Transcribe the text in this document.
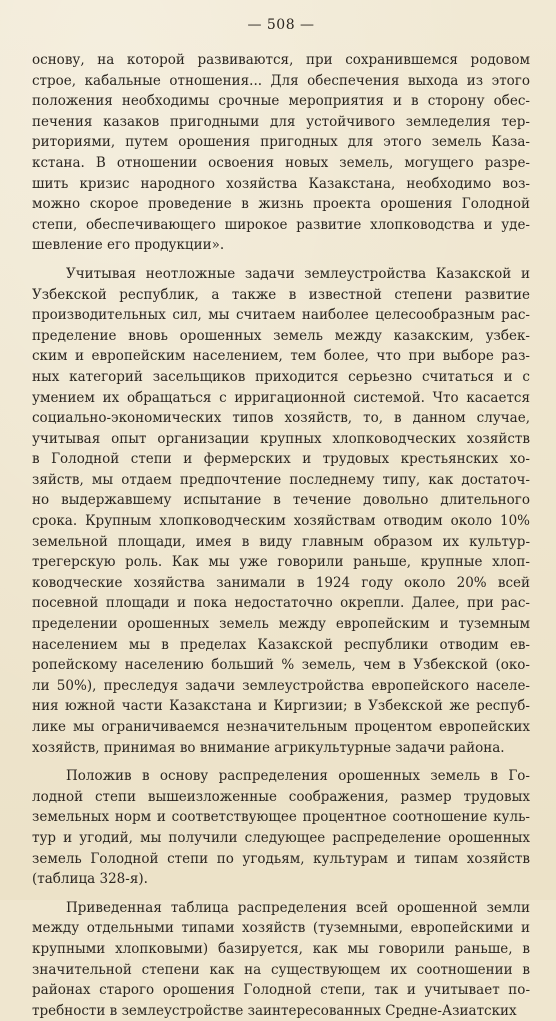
— 508 —
основу, на которой развиваются, при сохранившемся родовом
строе, кабальные отношения... Для обеспечения выхода из этого
положения необходимы срочные мероприятия и в сторону обес-
печения казаков пригодными для устойчивого земледелия тер-
риториями, путем орошения пригодных для этого земель Каза-
кстана. В отношении освоения новых земель, могущего разре-
шить кризис народного хозяйства Казакстана, необходимо воз-
можно скорое проведение в жизнь проекта орошения Голодной
степи, обеспечивающего широкое развитие хлопководства и уде-
шевление его продукции».
Учитывая неотложные задачи землеустройства Казакской и
Узбекской республик, а также в известной степени развитие
производительных сил, мы считаем наиболее целесообразным рас-
пределение вновь орошенных земель между казакским, узбек-
ским и европейским населением, тем более, что при выборе раз-
ных категорий засельщиков приходится серьезно считаться и с
умением их обращаться с ирригационной системой. Что касается
социально-экономических типов хозяйств, то, в данном случае,
учитывая опыт организации крупных хлопководческих хозяйств
в Голодной степи и фермерских и трудовых крестьянских хо-
зяйств, мы отдаем предпочтение последнему типу, как достаточ-
но выдержавшему испытание в течение довольно длительного
срока. Крупным хлопководческим хозяйствам отводим около 10%
земельной площади, имея в виду главным образом их культур-
трегерскую роль. Как мы уже говорили раньше, крупные хлоп-
ководческие хозяйства занимали в 1924 году около 20% всей
посевной площади и пока недостаточно окрепли. Далее, при рас-
пределении орошенных земель между европейским и туземным
населением мы в пределах Казакской республики отводим ев-
ропейскому населению больший % земель, чем в Узбекской (око-
ли 50%), преследуя задачи землеустройства европейского населе-
ния южной части Казакстана и Киргизии; в Узбекской же респуб-
лике мы ограничиваемся незначительным процентом европейских
хозяйств, принимая во внимание агрикультурные задачи района.
Положив в основу распределения орошенных земель в Го-
лодной степи вышеизложенные соображения, размер трудовых
земельных норм и соответствующее процентное соотношение куль-
тур и угодий, мы получили следующее распределение орошенных
земель Голодной степи по угодьям, культурам и типам хозяйств
(таблица 328-я).
Приведенная таблица распределения всей орошенной земли
между отдельными типами хозяйств (туземными, европейскими и
крупными хлопковыми) базируется, как мы говорили раньше, в
значительной степени как на существующем их соотношении в
районах старого орошения Голодной степи, так и учитывает по-
требности в землеустройстве заинтересованных Средне-Азиатских
